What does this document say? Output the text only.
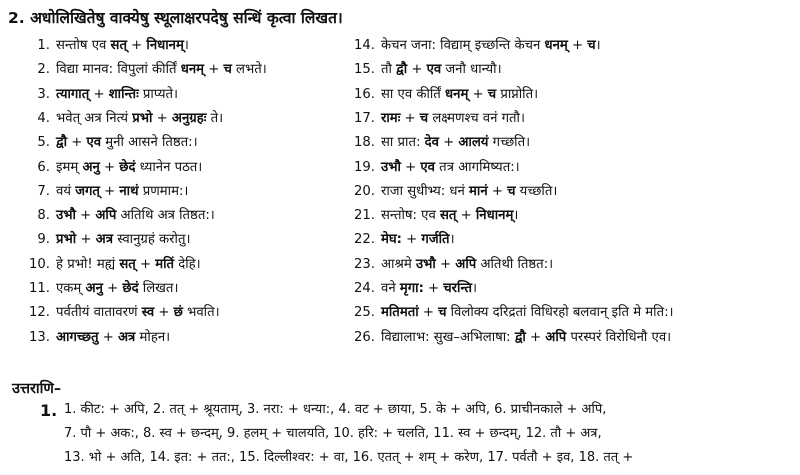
2. अधोलिखितेषु वाक्येषु स्थूलाक्षरपदेषु सन्धिं कृत्वा लिखत।
1. सन्तोष एव सत् + निधानम्।
2. विद्या मानव: विपुलां कीर्तिं धनम् + च लभते।
3. त्यागात् + शान्तिः प्राप्यते।
4. भवेत् अत्र नित्यं प्रभो + अनुग्रहः ते।
5. द्वौ + एव मुनी आसने तिष्ठत:।
6. इमम् अनु + छेदं ध्यानेन पठत।
7. वयं जगत् + नाथं प्रणमाम:।
8. उभौ + अपि अतिथि अत्र तिष्ठत:।
9. प्रभो + अत्र स्वानुग्रहं करोतु।
10. हे प्रभो! मह्यं सत् + मतिं देहि।
11. एकम् अनु + छेदं लिखत।
12. पर्वतीयं वातावरणं स्व + छं भवति।
13. आगच्छतु + अत्र मोहन।
14. केचन जना: विद्याम् इच्छन्ति केचन धनम् + च।
15. तौ द्वौ + एव जनौ धान्यौ।
16. सा एव कीर्तिं धनम् + च प्राप्नोति।
17. रामः + च लक्ष्मणश्च वनं गतौ।
18. सा प्रात: देव + आलयं गच्छति।
19. उभौ + एव तत्र आगमिष्यत:।
20. राजा सुधीभ्य: धनं मानं + च यच्छति।
21. सन्तोष: एव सत् + निधानम्।
22. मेघ: + गर्जति।
23. आश्रमे उभौ + अपि अतिथी तिष्ठत:।
24. वने मृगा: + चरन्ति।
25. मतिमतां + च विलोक्य दरिद्रतां विधिरहो बलवान् इति मे मति:।
26. विद्यालाभ: सुख–अभिलाषा: द्वौ + अपि परस्परं विरोधिनौ एव।
उत्तराणि–
1. 1. कीट: + अपि, 2. तत् + श्रूयताम्, 3. नरा: + धन्या:, 4. वट + छाया, 5. के + अपि, 6. प्राचीनकाले + अपि,
7. पौ + अक:, 8. स्व + छन्दम्, 9. हलम् + चालयति, 10. हरि: + चलति, 11. स्व + छन्दम्, 12. तौ + अत्र,
13. भो + अति, 14. इत: + तत:, 15. दिल्लीश्वर: + वा, 16. एतत् + शम् + करेण, 17. पर्वतौ + इव, 18. तत् +
